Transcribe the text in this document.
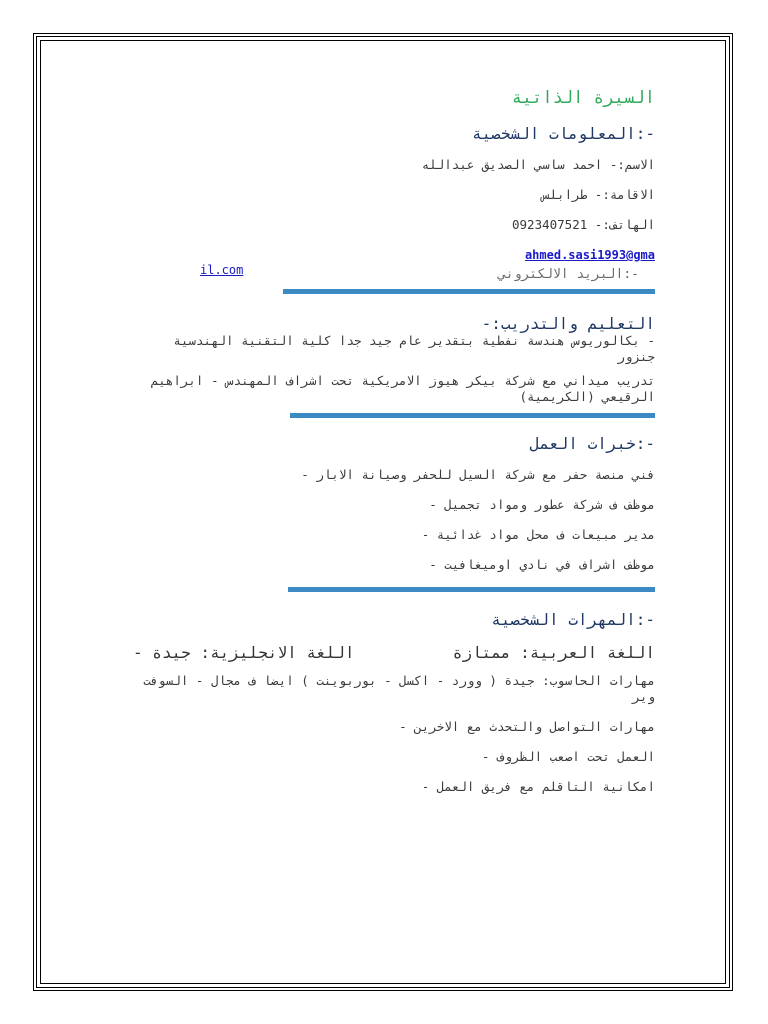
السيرة الذاتية
-:المعلومات الشخصية
الاسم:- احمد ساسي الصديق عبدالله
الاقامة:- طرابلس
الهاتف:- 0923407521
ahmed.sasi1993@gma
-:البريد الالكتروني
il.com
التعليم والتدريب:-
- بكالوريوس هندسة نفطية بتقدير عام جيد جدا كلية التقنية الهندسية جنزور
تدريب ميداني مع شركة بيكر هيوز الامريكية تحت اشراف المهندس - ابراهيم الرقيعي (الكريمية)
-:خبرات العمل
فني منصة حفر مع شركة السيل للحفر وصيانة الابار -
موظف ف شركة عطور ومواد تجميل -
مدير مبيعات ف محل مواد غدائية -
موظف اشراف في نادي اوميغافيت -
-:المهرات الشخصية
اللغة العربية: ممتازة
اللغة الانجليزية: جيدة -
مهارات الحاسوب: جيدة ( وورد - اكسل - بوربوينت ) ايضا ف مجال - السوفت وير
مهارات التواصل والتحدث مع الاخرين -
العمل تحت اصعب الظروف -
امكانية التاقلم مع فريق العمل -
